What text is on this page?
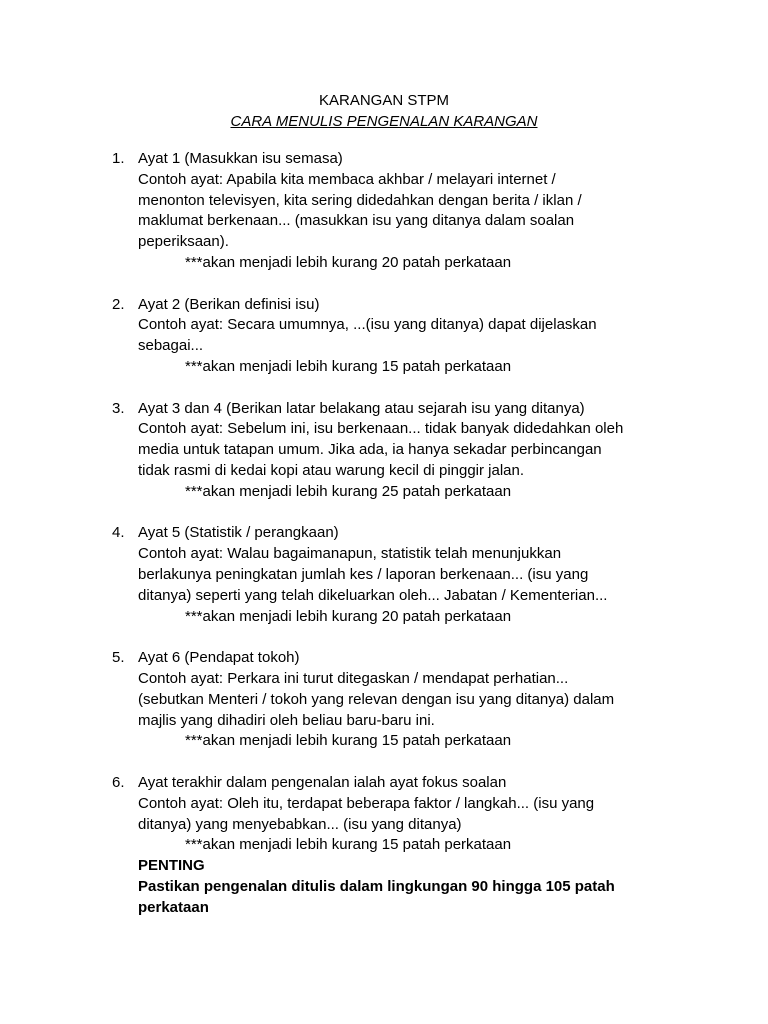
KARANGAN STPM
CARA MENULIS PENGENALAN KARANGAN
1. Ayat 1 (Masukkan isu semasa)
Contoh ayat: Apabila kita membaca akhbar / melayari internet /
menonton televisyen, kita sering didedahkan dengan berita / iklan /
maklumat berkenaan... (masukkan isu yang ditanya dalam soalan
peperiksaan).
***akan menjadi lebih kurang 20 patah perkataan
2. Ayat 2 (Berikan definisi isu)
Contoh ayat: Secara umumnya, ...(isu yang ditanya) dapat dijelaskan
sebagai...
***akan menjadi lebih kurang 15 patah perkataan
3. Ayat 3 dan 4 (Berikan latar belakang atau sejarah isu yang ditanya)
Contoh ayat: Sebelum ini, isu berkenaan... tidak banyak didedahkan oleh
media untuk tatapan umum. Jika ada, ia hanya sekadar perbincangan
tidak rasmi di kedai kopi atau warung kecil di pinggir jalan.
***akan menjadi lebih kurang 25 patah perkataan
4. Ayat 5 (Statistik / perangkaan)
Contoh ayat: Walau bagaimanapun, statistik telah menunjukkan
berlakunya peningkatan jumlah kes / laporan berkenaan... (isu yang
ditanya) seperti yang telah dikeluarkan oleh... Jabatan / Kementerian...
***akan menjadi lebih kurang 20 patah perkataan
5. Ayat 6 (Pendapat tokoh)
Contoh ayat: Perkara ini turut ditegaskan / mendapat perhatian...
(sebutkan Menteri / tokoh yang relevan dengan isu yang ditanya) dalam
majlis yang dihadiri oleh beliau baru-baru ini.
***akan menjadi lebih kurang 15 patah perkataan
6. Ayat terakhir dalam pengenalan ialah ayat fokus soalan
Contoh ayat: Oleh itu, terdapat beberapa faktor / langkah... (isu yang
ditanya) yang menyebabkan... (isu yang ditanya)
***akan menjadi lebih kurang 15 patah perkataan
PENTING
Pastikan pengenalan ditulis dalam lingkungan 90 hingga 105 patah
perkataan
